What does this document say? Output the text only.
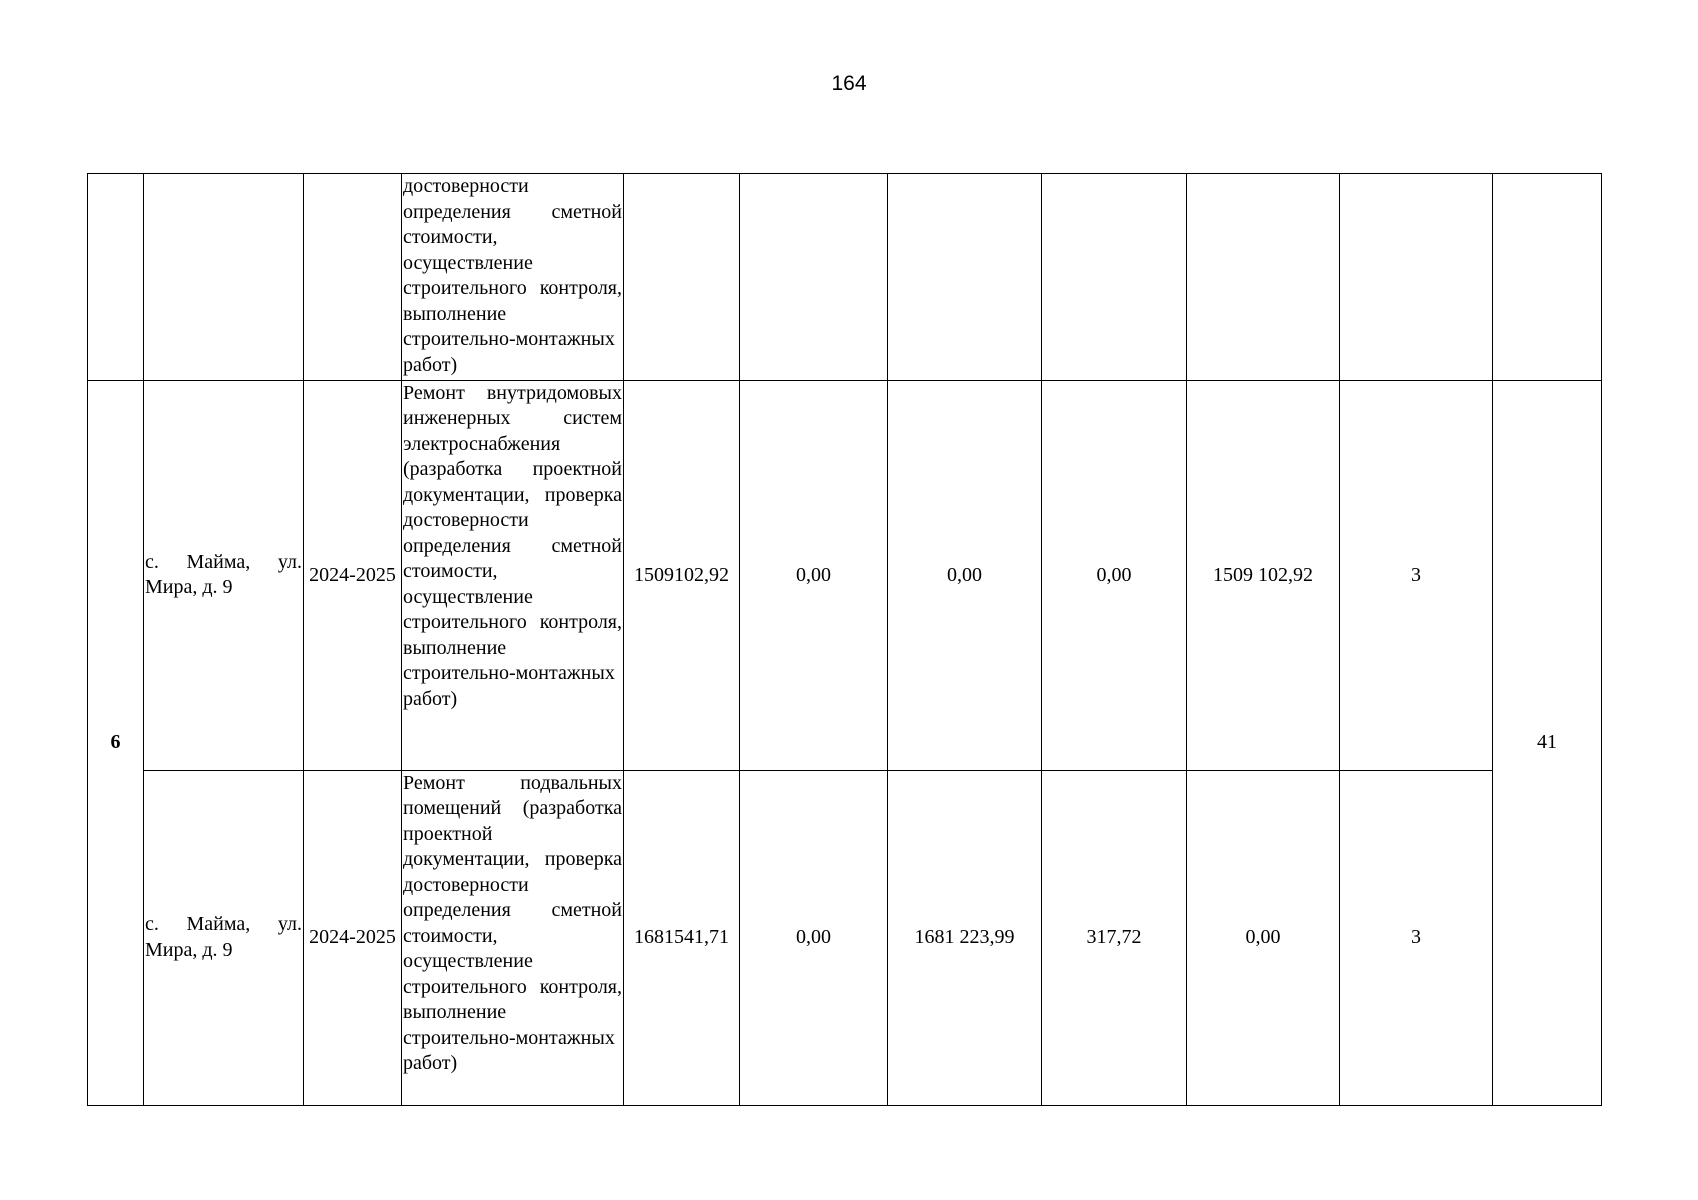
164
			достоверности определения сметной стоимости, осуществление строительного контроля, выполнение строительно-монтажных работ)							
6	с. Майма, ул. Мира, д. 9	2024-2025	Ремонт внутридомовых инженерных систем электроснабжения (разработка проектной документации, проверка достоверности определения сметной стоимости, осуществление строительного контроля, выполнение строительно-монтажных работ)	1509102,92	0,00	0,00	0,00	1509 102,92	3	41
	с. Майма, ул. Мира, д. 9	2024-2025	Ремонт подвальных помещений (разработка проектной документации, проверка достоверности определения сметной стоимости, осуществление строительного контроля, выполнение строительно-монтажных работ)	1681541,71	0,00	1681 223,99	317,72	0,00	3	
